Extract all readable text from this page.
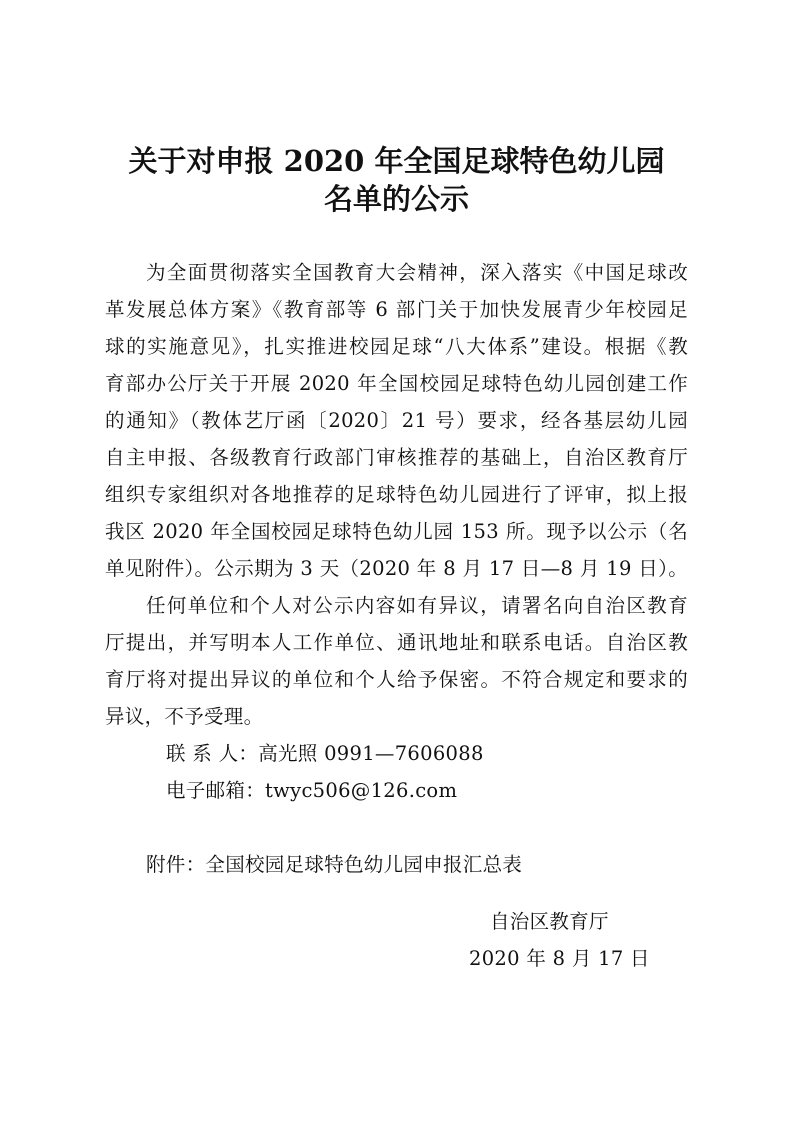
关于对申报 2020 年全国足球特色幼儿园
名单的公示
为全面贯彻落实全国教育大会精神，深入落实《中国足球改
革发展总体方案》《教育部等 6 部门关于加快发展青少年校园足
球的实施意见》，扎实推进校园足球“八大体系”建设。根据《教
育部办公厅关于开展 2020 年全国校园足球特色幼儿园创建工作
的通知》（教体艺厅函〔2020〕21 号）要求，经各基层幼儿园
自主申报、各级教育行政部门审核推荐的基础上，自治区教育厅
组织专家组织对各地推荐的足球特色幼儿园进行了评审，拟上报
我区 2020 年全国校园足球特色幼儿园 153 所。现予以公示（名
单见附件）。公示期为 3 天（2020 年 8 月 17 日—8 月 19 日）。
任何单位和个人对公示内容如有异议，请署名向自治区教育
厅提出，并写明本人工作单位、通讯地址和联系电话。自治区教
育厅将对提出异议的单位和个人给予保密。不符合规定和要求的
异议，不予受理。
联 系 人：高光照 0991—7606088
电子邮箱：twyc506@126.com
附件：全国校园足球特色幼儿园申报汇总表
自治区教育厅
2020 年 8 月 17 日
